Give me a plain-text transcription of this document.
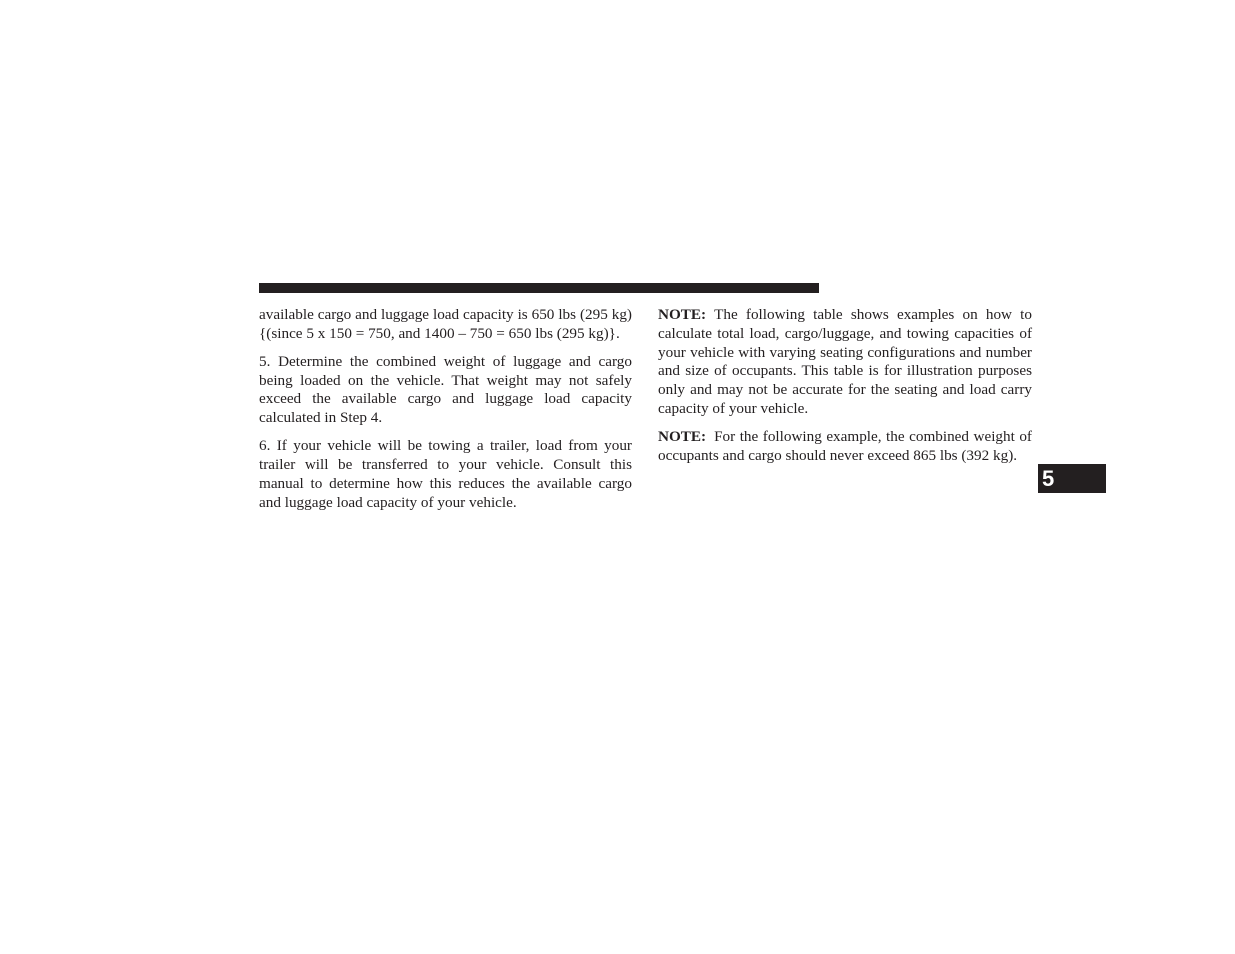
available cargo and luggage load capacity is 650 lbs (295 kg) {(since 5 x 150 = 750, and 1400 – 750 = 650 lbs (295 kg)}.

5. Determine the combined weight of luggage and cargo being loaded on the vehicle. That weight may not safely exceed the available cargo and luggage load capacity calculated in Step 4.

6. If your vehicle will be towing a trailer, load from your trailer will be transferred to your vehicle. Consult this manual to determine how this reduces the available cargo and luggage load capacity of your vehicle.

NOTE: The following table shows examples on how to calculate total load, cargo/luggage, and towing capacities of your vehicle with varying seating configurations and number and size of occupants. This table is for illustration purposes only and may not be accurate for the seating and load carry capacity of your vehicle.

NOTE: For the following example, the combined weight of occupants and cargo should never exceed 865 lbs (392 kg).

5
